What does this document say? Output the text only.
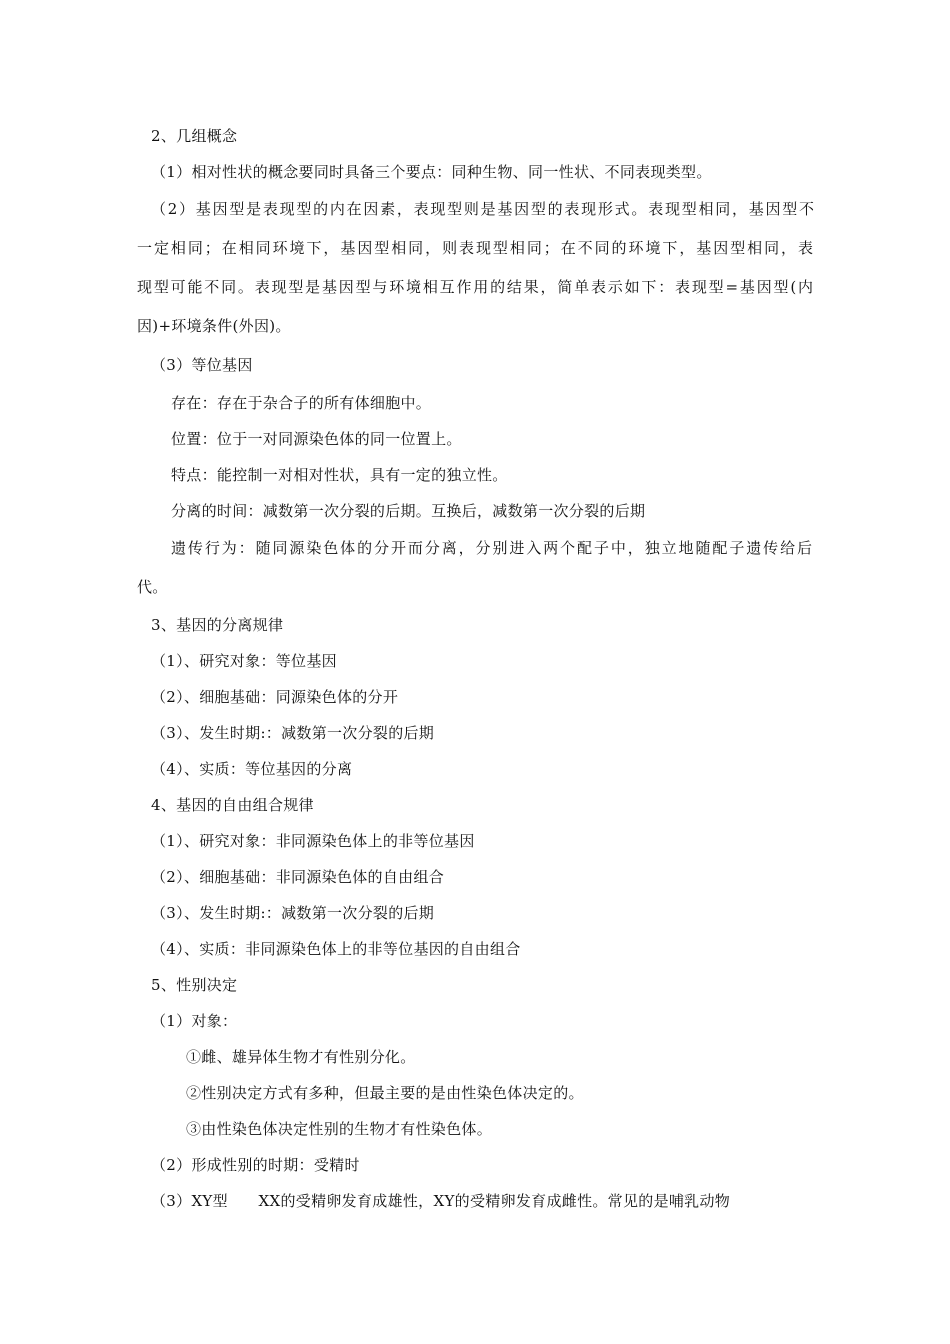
2、几组概念
（1）相对性状的概念要同时具备三个要点：同种生物、同一性状、不同表现类型。
（2）基因型是表现型的内在因素，表现型则是基因型的表现形式。表现型相同，基因型不
一定相同；在相同环境下，基因型相同，则表现型相同；在不同的环境下，基因型相同，表
现型可能不同。表现型是基因型与环境相互作用的结果，简单表示如下：表现型=基因型(内
因)+环境条件(外因)。
（3）等位基因
存在：存在于杂合子的所有体细胞中。
位置：位于一对同源染色体的同一位置上。
特点：能控制一对相对性状，具有一定的独立性。
分离的时间：减数第一次分裂的后期。互换后，减数第一次分裂的后期
遗传行为：随同源染色体的分开而分离，分别进入两个配子中，独立地随配子遗传给后
代。
3、基因的分离规律
（1）、研究对象：等位基因
（2）、细胞基础：同源染色体的分开
（3）、发生时期:：减数第一次分裂的后期
（4）、实质：等位基因的分离
4、基因的自由组合规律
（1）、研究对象：非同源染色体上的非等位基因
（2）、细胞基础：非同源染色体的自由组合
（3）、发生时期:：减数第一次分裂的后期
（4）、实质：非同源染色体上的非等位基因的自由组合
5、性别决定
（1）对象：
①雌、雄异体生物才有性别分化。
②性别决定方式有多种，但最主要的是由性染色体决定的。
③由性染色体决定性别的生物才有性染色体。
（2）形成性别的时期：受精时
（3）XY型　　XX的受精卵发育成雄性，XY的受精卵发育成雌性。常见的是哺乳动物
